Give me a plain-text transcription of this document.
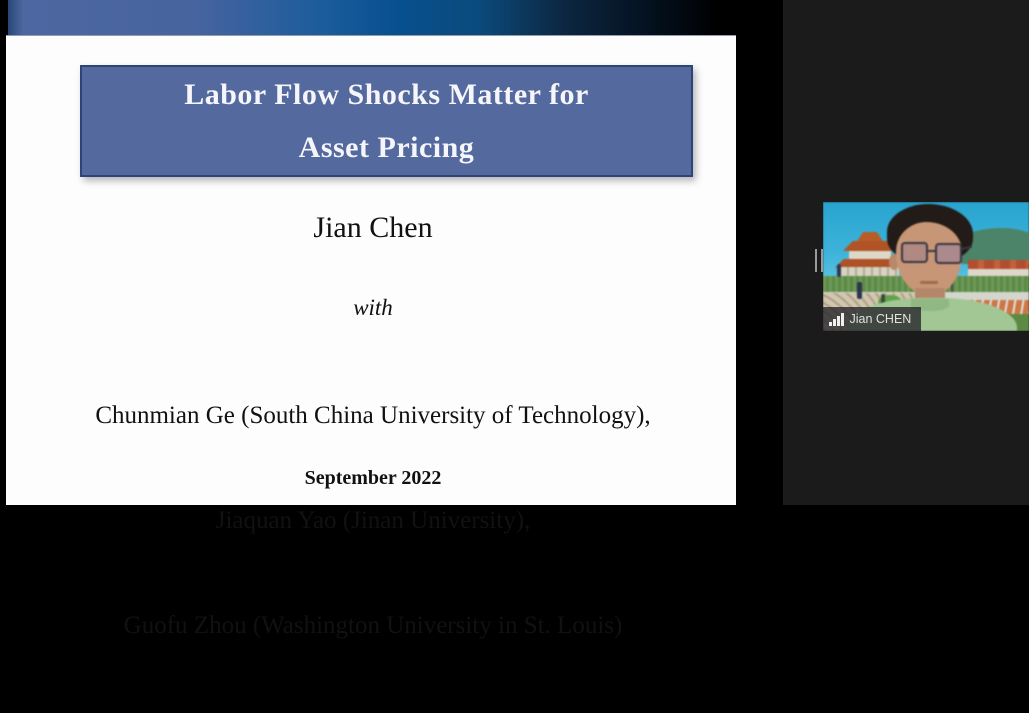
Labor Flow Shocks Matter for
Asset Pricing
Jian Chen
with

Chunmian Ge (South China University of Technology),

Jiaquan Yao (Jinan University),

Guofu Zhou (Washington University in St. Louis)

September 2022
Jian CHEN
